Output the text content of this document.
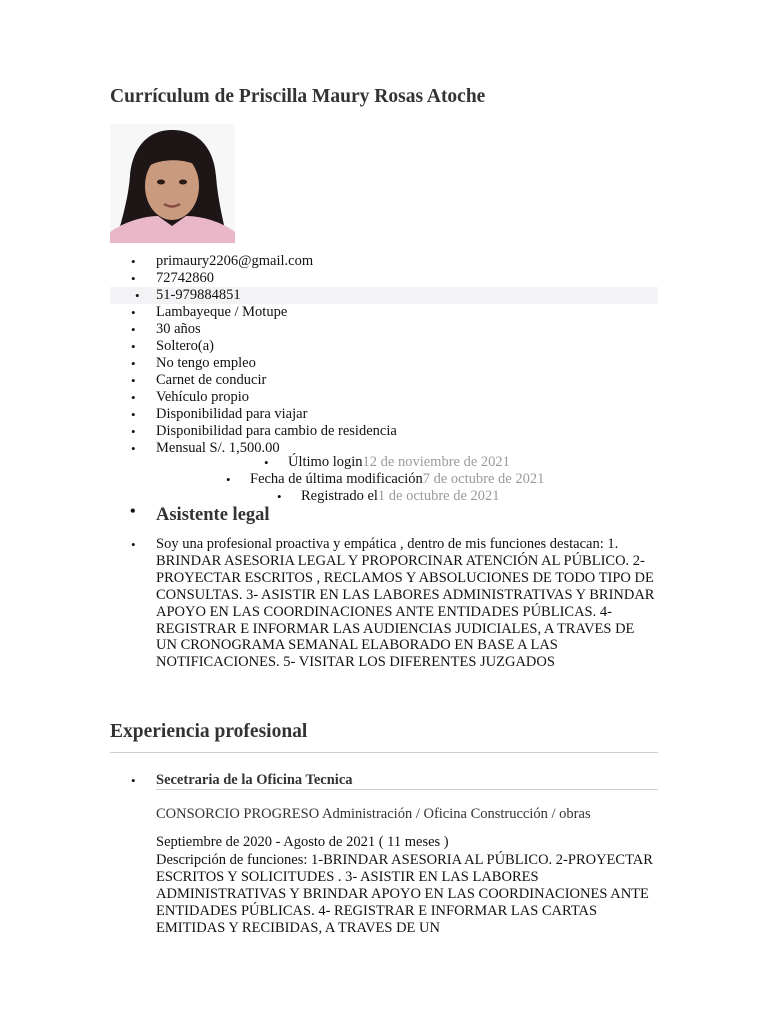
Currículum de Priscilla Maury Rosas Atoche
• primaury2206@gmail.com
• 72742860
• 51-979884851
• Lambayeque / Motupe
• 30 años
• Soltero(a)
• No tengo empleo
• Carnet de conducir
• Vehículo propio
• Disponibilidad para viajar
• Disponibilidad para cambio de residencia
• Mensual S/. 1,500.00
• Último login12 de noviembre de 2021
• Fecha de última modificación7 de octubre de 2021
• Registrado el1 de octubre de 2021
• Asistente legal
• Soy una profesional proactiva y empática , dentro de mis funciones destacan: 1. BRINDAR ASESORIA LEGAL Y PROPORCINAR ATENCIÓN AL PÚBLICO. 2-PROYECTAR ESCRITOS , RECLAMOS Y ABSOLUCIONES DE TODO TIPO DE CONSULTAS. 3- ASISTIR EN LAS LABORES ADMINISTRATIVAS Y BRINDAR APOYO EN LAS COORDINACIONES ANTE ENTIDADES PÚBLICAS. 4- REGISTRAR E INFORMAR LAS AUDIENCIAS JUDICIALES, A TRAVES DE UN CRONOGRAMA SEMANAL ELABORADO EN BASE A LAS NOTIFICACIONES. 5- VISITAR LOS DIFERENTES JUZGADOS

Experiencia profesional
• Secetraria de la Oficina Tecnica

CONSORCIO PROGRESO Administración / Oficina Construcción / obras

Septiembre de 2020 - Agosto de 2021 ( 11 meses )

Descripción de funciones: 1-BRINDAR ASESORIA AL PÚBLICO. 2-PROYECTAR ESCRITOS Y SOLICITUDES . 3- ASISTIR EN LAS LABORES ADMINISTRATIVAS Y BRINDAR APOYO EN LAS COORDINACIONES ANTE ENTIDADES PÚBLICAS. 4- REGISTRAR E INFORMAR LAS CARTAS EMITIDAS Y RECIBIDAS, A TRAVES DE UN
